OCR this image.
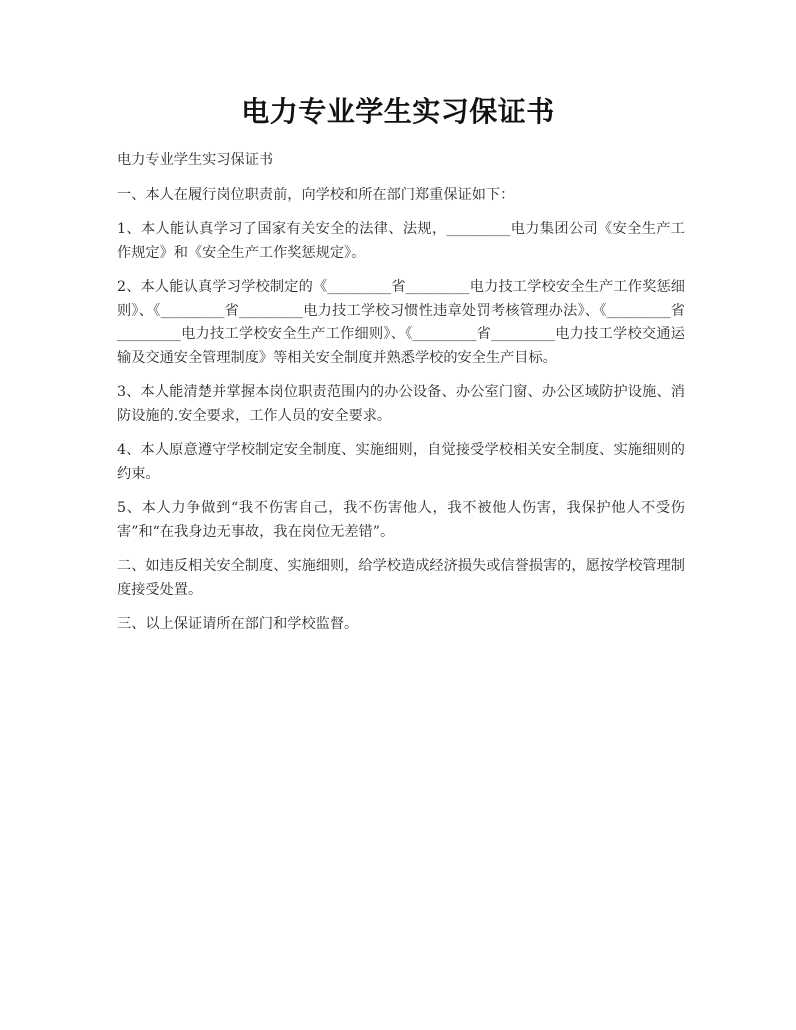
电力专业学生实习保证书

电力专业学生实习保证书

一、本人在履行岗位职责前，向学校和所在部门郑重保证如下：

1、本人能认真学习了国家有关安全的法律、法规，_________电力集团公司《安全生产工作规定》和《安全生产工作奖惩规定》。

2、本人能认真学习学校制定的《_________省_________电力技工学校安全生产工作奖惩细则》、《_________省_________电力技工学校习惯性违章处罚考核管理办法》、《_________省_________电力技工学校安全生产工作细则》、《_________省_________电力技工学校交通运输及交通安全管理制度》等相关安全制度并熟悉学校的安全生产目标。

3、本人能清楚并掌握本岗位职责范围内的办公设备、办公室门窗、办公区域防护设施、消防设施的.安全要求，工作人员的安全要求。

4、本人原意遵守学校制定安全制度、实施细则，自觉接受学校相关安全制度、实施细则的约束。

5、本人力争做到“我不伤害自己，我不伤害他人，我不被他人伤害，我保护他人不受伤害”和“在我身边无事故，我在岗位无差错”。

二、如违反相关安全制度、实施细则，给学校造成经济损失或信誉损害的，愿按学校管理制度接受处置。

三、以上保证请所在部门和学校监督。
